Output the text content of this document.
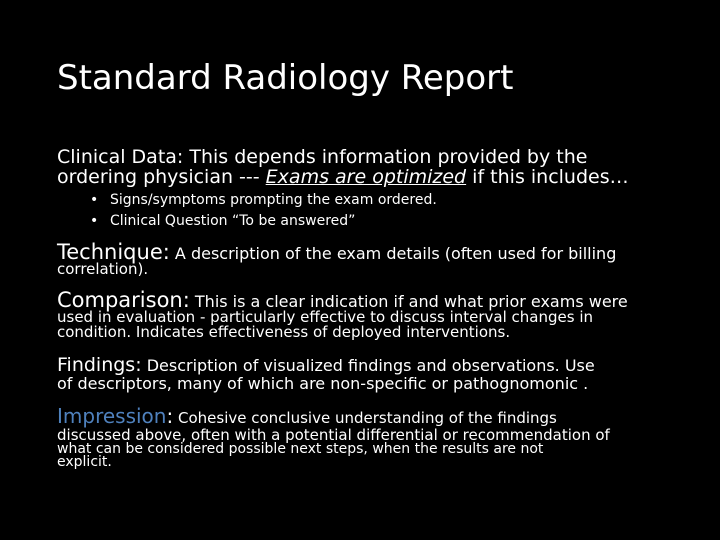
Standard Radiology Report
Clinical Data: This depends information provided by the
ordering physician --- Exams are optimized if this includes…
• Signs/symptoms prompting the exam ordered.
• Clinical Question “To be answered”
Technique: A description of the exam details (often used for billing
correlation).
Comparison: This is a clear indication if and what prior exams were
used in evaluation - particularly effective to discuss interval changes in
condition. Indicates effectiveness of deployed interventions.
Findings: Description of visualized findings and observations. Use
of descriptors, many of which are non-specific or pathognomonic .
Impression: Cohesive conclusive understanding of the findings
discussed above, often with a potential differential or recommendation of
what can be considered possible next steps, when the results are not
explicit.
